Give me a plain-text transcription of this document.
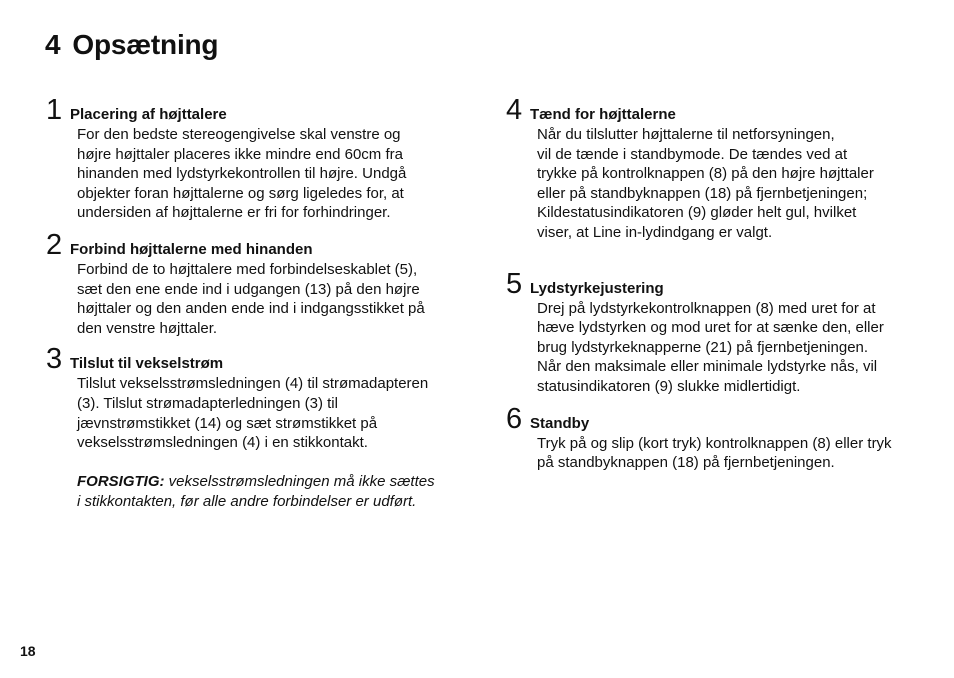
4 Opsætning
1 Placering af højttalere
For den bedste stereogengivelse skal venstre og
højre højttaler placeres ikke mindre end 60cm fra
hinanden med lydstyrkekontrollen til højre. Undgå
objekter foran højttalerne og sørg ligeledes for, at
undersiden af højttalerne er fri for forhindringer.
2 Forbind højttalerne med hinanden
Forbind de to højttalere med forbindelseskablet (5),
sæt den ene ende ind i udgangen (13) på den højre
højttaler og den anden ende ind i indgangsstikket på
den venstre højttaler.
3 Tilslut til vekselstrøm
Tilslut vekselsstrømsledningen (4) til strømadapteren
(3). Tilslut strømadapterledningen (3) til
jævnstrømstikket (14) og sæt strømstikket på
vekselsstrømsledningen (4) i en stikkontakt.
FORSIGTIG: vekselsstrømsledningen må ikke sættes
i stikkontakten, før alle andre forbindelser er udført.
4 Tænd for højttalerne
Når du tilslutter højttalerne til netforsyningen,
vil de tænde i standbymode. De tændes ved at
trykke på kontrolknappen (8) på den højre højttaler
eller på standbyknappen (18) på fjernbetjeningen;
Kildestatusindikatoren (9) gløder helt gul, hvilket
viser, at Line in-lydindgang er valgt.
5 Lydstyrkejustering
Drej på lydstyrkekontrolknappen (8) med uret for at
hæve lydstyrken og mod uret for at sænke den, eller
brug lydstyrkeknapperne (21) på fjernbetjeningen.
Når den maksimale eller minimale lydstyrke nås, vil
statusindikatoren (9) slukke midlertidigt.
6 Standby
Tryk på og slip (kort tryk) kontrolknappen (8) eller tryk
på standbyknappen (18) på fjernbetjeningen.
18
